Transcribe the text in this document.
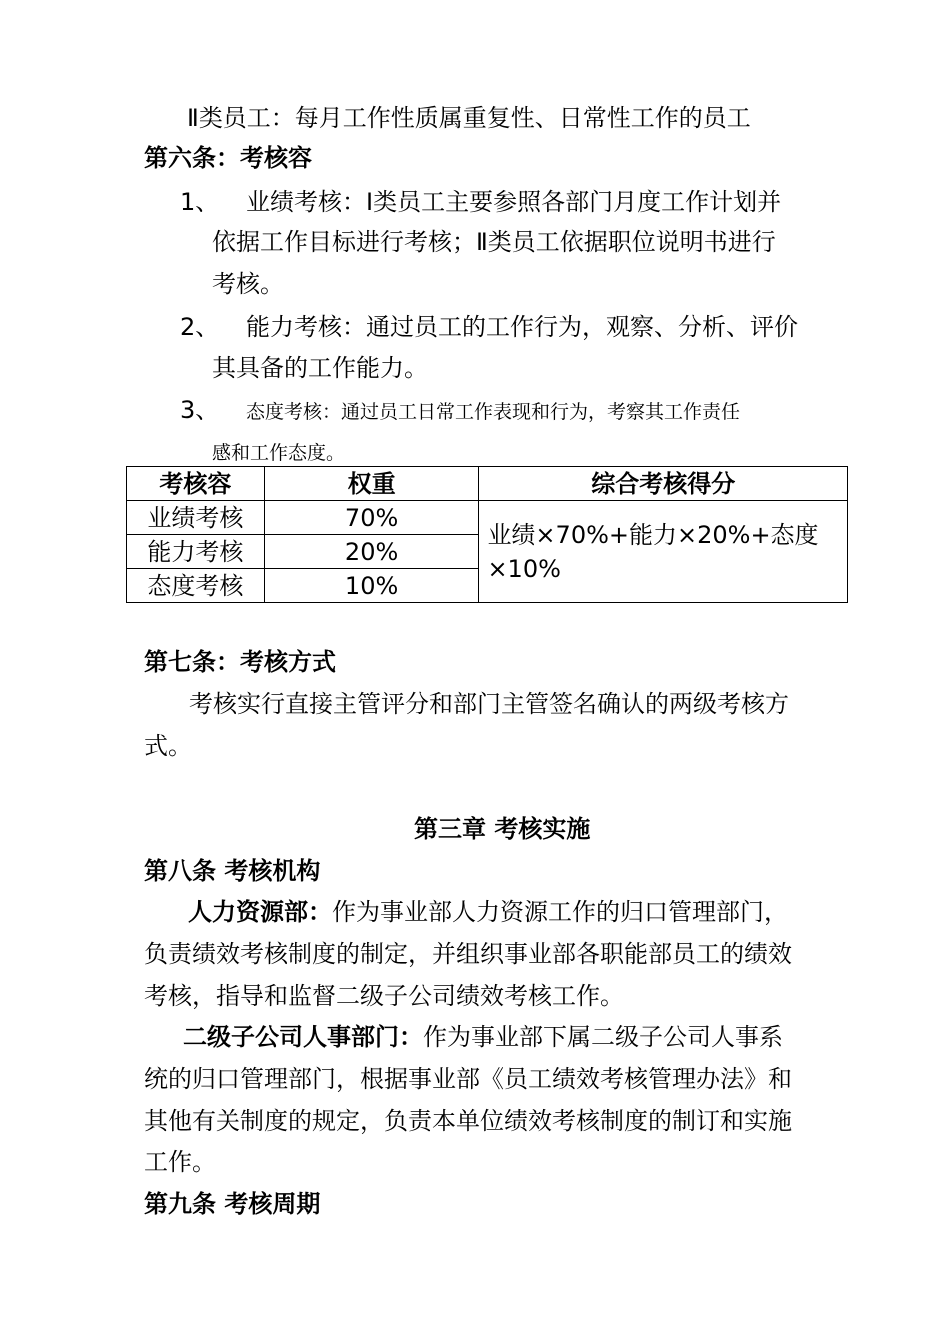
Ⅱ类员工：每月工作性质属重复性、日常性工作的员工
第六条：考核容
1、 业绩考核：Ⅰ类员工主要参照各部门月度工作计划并
依据工作目标进行考核；Ⅱ类员工依据职位说明书进行
考核。
2、 能力考核：通过员工的工作行为，观察、分析、评价
其具备的工作能力。
3、 态度考核：通过员工日常工作表现和行为，考察其工作责任
感和工作态度。
考核容	权重	综合考核得分
业绩考核	70%	业绩×70%+能力×20%+态度×10%
能力考核	20%	
态度考核	10%	
第七条：考核方式
考核实行直接主管评分和部门主管签名确认的两级考核方
式。
第三章 考核实施
第八条 考核机构
人力资源部：作为事业部人力资源工作的归口管理部门，
负责绩效考核制度的制定，并组织事业部各职能部员工的绩效
考核，指导和监督二级子公司绩效考核工作。
二级子公司人事部门：作为事业部下属二级子公司人事系
统的归口管理部门，根据事业部《员工绩效考核管理办法》和
其他有关制度的规定，负责本单位绩效考核制度的制订和实施
工作。
第九条 考核周期
